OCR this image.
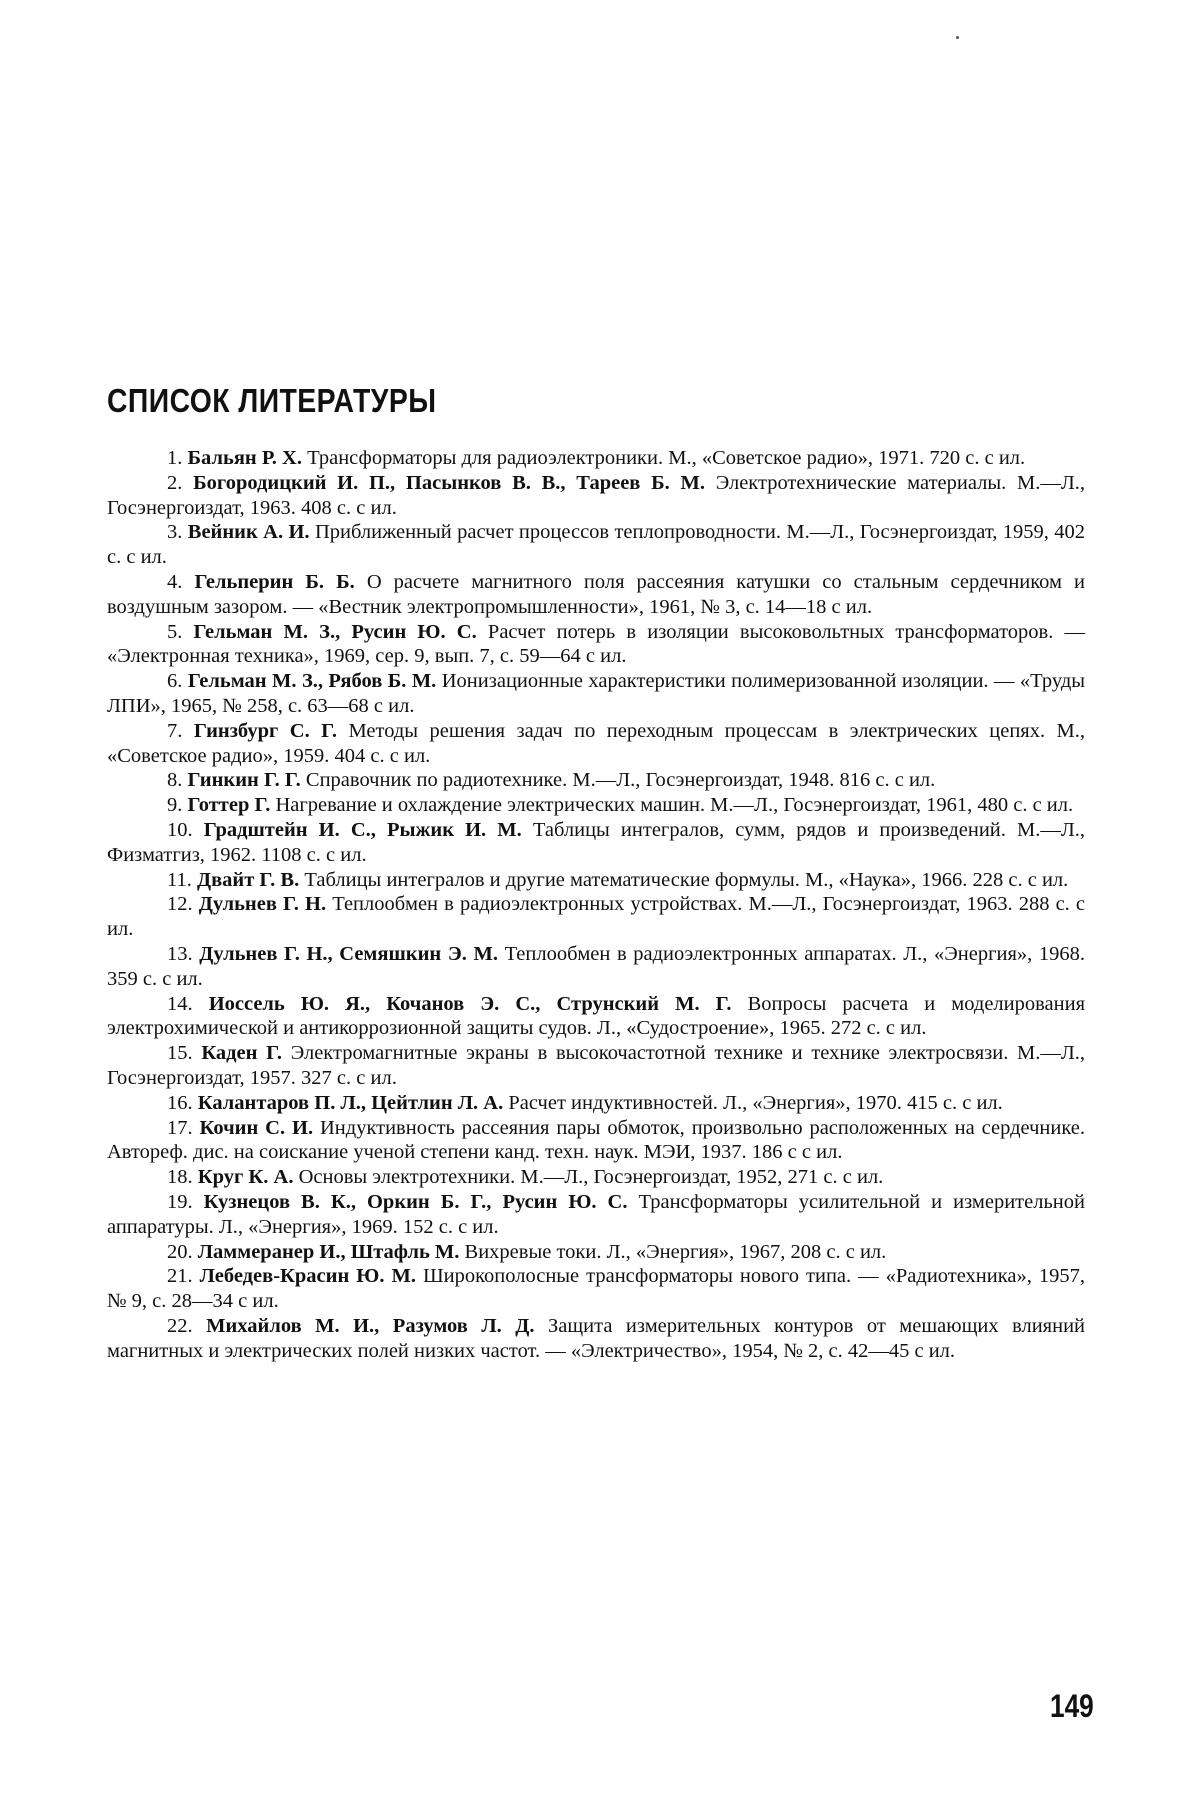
СПИСОК ЛИТЕРАТУРЫ

1. Бальян Р. Х. Трансформаторы для радиоэлектроники. М., «Советское радио», 1971. 720 с. с ил.

2. Богородицкий И. П., Пасынков В. В., Тареев Б. М. Электротехнические материалы. М.—Л., Госэнергоиздат, 1963. 408 с. с ил.

3. Вейник А. И. Приближенный расчет процессов теплопроводности. М.—Л., Госэнергоиздат, 1959, 402 с. с ил.

4. Гельперин Б. Б. О расчете магнитного поля рассеяния катушки со стальным сердечником и воздушным зазором. — «Вестник электропромышленности», 1961, № 3, с. 14—18 с ил.

5. Гельман М. З., Русин Ю. С. Расчет потерь в изоляции высоковольтных трансформаторов. — «Электронная техника», 1969, сер. 9, вып. 7, с. 59—64 с ил.

6. Гельман М. З., Рябов Б. М. Ионизационные характеристики полимеризованной изоляции. — «Труды ЛПИ», 1965, № 258, с. 63—68 с ил.

7. Гинзбург С. Г. Методы решения задач по переходным процессам в электрических цепях. М., «Советское радио», 1959. 404 с. с ил.

8. Гинкин Г. Г. Справочник по радиотехнике. М.—Л., Госэнергоиздат, 1948. 816 с. с ил.

9. Готтер Г. Нагревание и охлаждение электрических машин. М.—Л., Госэнергоиздат, 1961, 480 с. с ил.

10. Градштейн И. С., Рыжик И. М. Таблицы интегралов, сумм, рядов и произведений. М.—Л., Физматгиз, 1962. 1108 с. с ил.

11. Двайт Г. В. Таблицы интегралов и другие математические формулы. М., «Наука», 1966. 228 с. с ил.

12. Дульнев Г. Н. Теплообмен в радиоэлектронных устройствах. М.—Л., Госэнергоиздат, 1963. 288 с. с ил.

13. Дульнев Г. Н., Семяшкин Э. М. Теплообмен в радиоэлектронных аппаратах. Л., «Энергия», 1968. 359 с. с ил.

14. Иоссель Ю. Я., Кочанов Э. С., Струнский М. Г. Вопросы расчета и моделирования электрохимической и антикоррозионной защиты судов. Л., «Судостроение», 1965. 272 с. с ил.

15. Каден Г. Электромагнитные экраны в высокочастотной технике и технике электросвязи. М.—Л., Госэнергоиздат, 1957. 327 с. с ил.

16. Калантаров П. Л., Цейтлин Л. А. Расчет индуктивностей. Л., «Энергия», 1970. 415 с. с ил.

17. Кочин С. И. Индуктивность рассеяния пары обмоток, произвольно расположенных на сердечнике. Автореф. дис. на соискание ученой степени канд. техн. наук. МЭИ, 1937. 186 с с ил.

18. Круг К. А. Основы электротехники. М.—Л., Госэнергоиздат, 1952, 271 с. с ил.

19. Кузнецов В. К., Оркин Б. Г., Русин Ю. С. Трансформаторы усилительной и измерительной аппаратуры. Л., «Энергия», 1969. 152 с. с ил.

20. Ламмеранер И., Штафль М. Вихревые токи. Л., «Энергия», 1967, 208 с. с ил.

21. Лебедев-Красин Ю. М. Широкополосные трансформаторы нового типа. — «Радиотехника», 1957, № 9, с. 28—34 с ил.

22. Михайлов М. И., Разумов Л. Д. Защита измерительных контуров от мешающих влияний магнитных и электрических полей низких частот. — «Электричество», 1954, № 2, с. 42—45 с ил.

149
